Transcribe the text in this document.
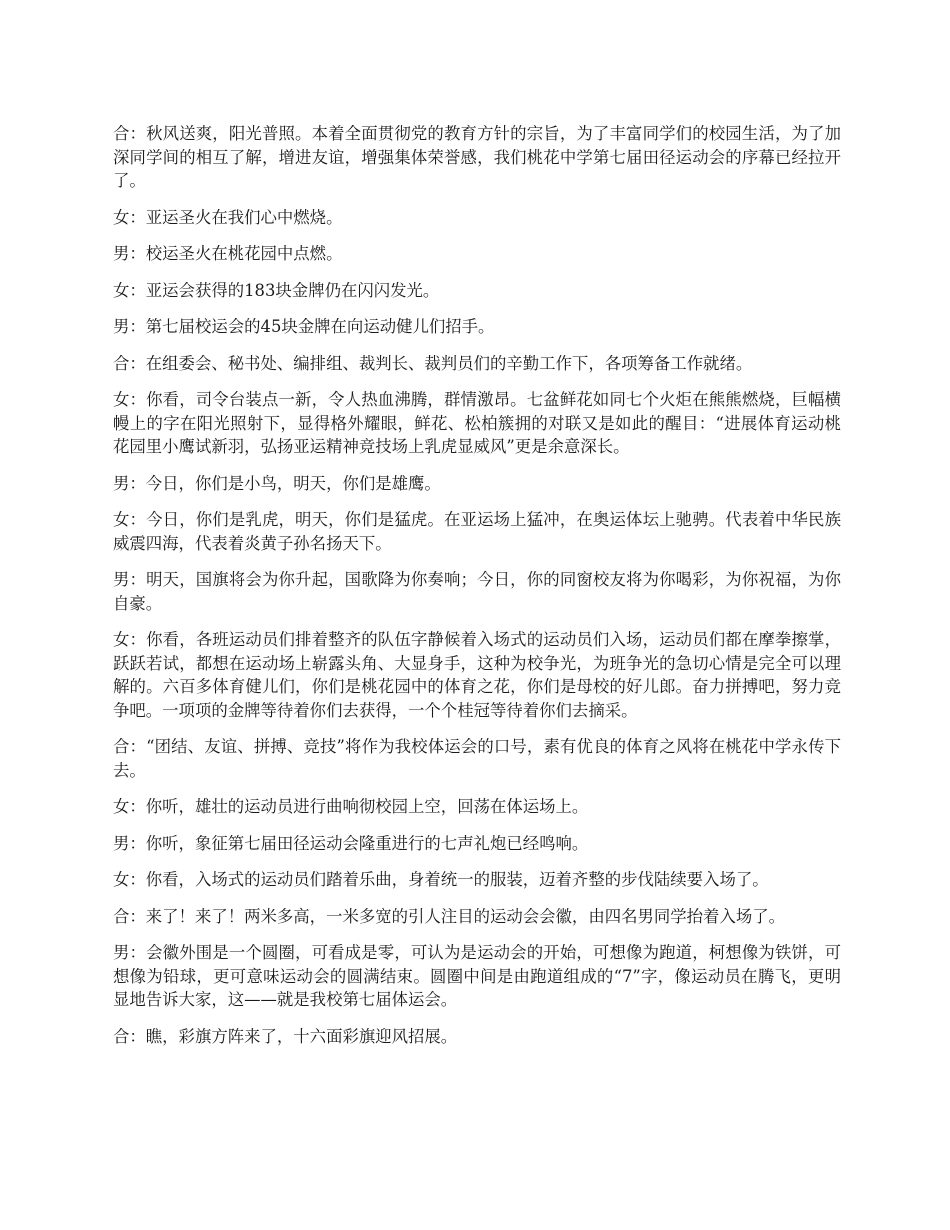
合：秋风送爽，阳光普照。本着全面贯彻党的教育方针的宗旨，为了丰富同学们的校园生活，为了加深同学间的相互了解，增进友谊，增强集体荣誉感，我们桃花中学第七届田径运动会的序幕已经拉开了。

女：亚运圣火在我们心中燃烧。

男：校运圣火在桃花园中点燃。

女：亚运会获得的183块金牌仍在闪闪发光。

男：第七届校运会的45块金牌在向运动健儿们招手。

合：在组委会、秘书处、编排组、裁判长、裁判员们的辛勤工作下，各项筹备工作就绪。

女：你看，司令台装点一新，令人热血沸腾，群情激昂。七盆鲜花如同七个火炬在熊熊燃烧，巨幅横幔上的字在阳光照射下，显得格外耀眼，鲜花、松柏簇拥的对联又是如此的醒目：“进展体育运动桃花园里小鹰试新羽，弘扬亚运精神竞技场上乳虎显威风”更是余意深长。

男：今日，你们是小鸟，明天，你们是雄鹰。

女：今日，你们是乳虎，明天，你们是猛虎。在亚运场上猛冲，在奥运体坛上驰骋。代表着中华民族威震四海，代表着炎黄子孙名扬天下。

男：明天，国旗将会为你升起，国歌降为你奏响；今日，你的同窗校友将为你喝彩，为你祝福，为你自豪。

女：你看，各班运动员们排着整齐的队伍字静候着入场式的运动员们入场，运动员们都在摩拳擦掌，跃跃若试，都想在运动场上崭露头角、大显身手，这种为校争光，为班争光的急切心情是完全可以理解的。六百多体育健儿们，你们是桃花园中的体育之花，你们是母校的好儿郎。奋力拼搏吧，努力竞争吧。一项项的金牌等待着你们去获得，一个个桂冠等待着你们去摘采。

合：“团结、友谊、拼搏、竞技”将作为我校体运会的口号，素有优良的体育之风将在桃花中学永传下去。

女：你听，雄壮的运动员进行曲响彻校园上空，回荡在体运场上。

男：你听，象征第七届田径运动会隆重进行的七声礼炮已经鸣响。

女：你看，入场式的运动员们踏着乐曲，身着统一的服装，迈着齐整的步伐陆续要入场了。

合：来了！来了！两米多高，一米多宽的引人注目的运动会会徽，由四名男同学抬着入场了。

男：会徽外围是一个圆圈，可看成是零，可认为是运动会的开始，可想像为跑道，柯想像为铁饼，可想像为铅球，更可意味运动会的圆满结束。圆圈中间是由跑道组成的“7”字，像运动员在腾飞，更明显地告诉大家，这——就是我校第七届体运会。

合：瞧，彩旗方阵来了，十六面彩旗迎风招展。
